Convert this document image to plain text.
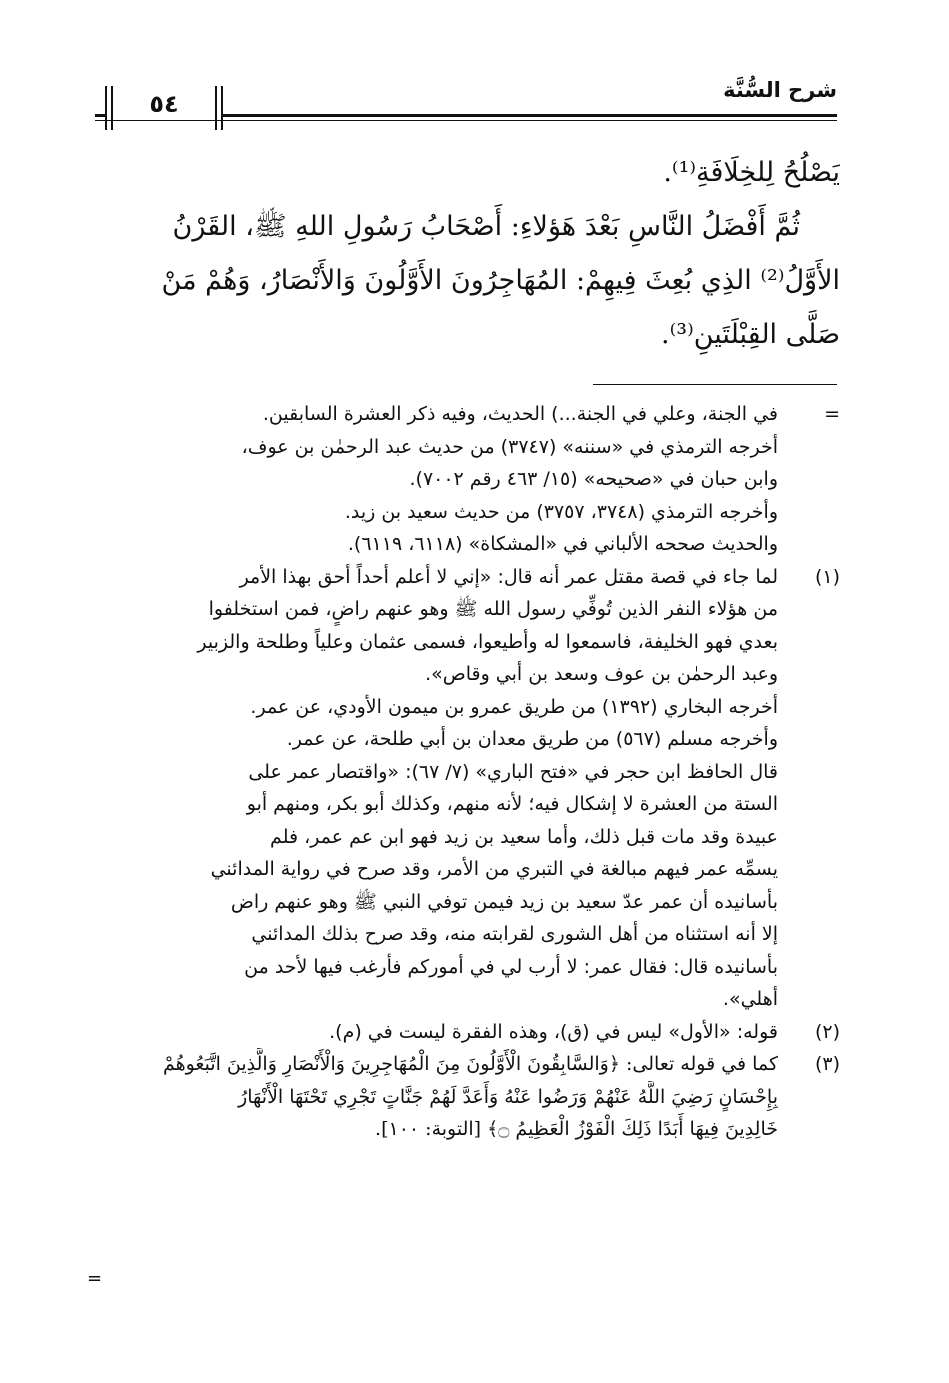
شرح السُّنَّة
٥٤

يَصْلُحُ لِلخِلَافَةِ⁽¹⁾.

ثُمَّ أَفْضَلُ النَّاسِ بَعْدَ هَؤلاءِ: أَصْحَابُ رَسُولِ اللهِ ﷺ، القَرْنُ

الأَوَّلُ⁽²⁾ الذِي بُعِثَ فِيهِمْ: المُهَاجِرُونَ الأَوَّلُونَ وَالأَنْصَارُ، وَهُمْ مَنْ

صَلَّى القِبْلَتَينِ⁽³⁾.

=

في الجنة، وعلي في الجنة...) الحديث، وفيه ذكر العشرة السابقين.

أخرجه الترمذي في «سننه» (٣٧٤٧) من حديث عبد الرحمٰن بن عوف،

وابن حبان في «صحيحه» (١٥/ ٤٦٣ رقم ٧٠٠٢).

وأخرجه الترمذي (٣٧٤٨، ٣٧٥٧) من حديث سعيد بن زيد.

والحديث صححه الألباني في «المشكاة» (٦١١٨، ٦١١٩).

(١)

لما جاء في قصة مقتل عمر أنه قال: «إني لا أعلم أحداً أحق بهذا الأمر

من هؤلاء النفر الذين تُوفِّي رسول الله ﷺ وهو عنهم راضٍ، فمن استخلفوا

بعدي فهو الخليفة، فاسمعوا له وأطيعوا، فسمى عثمان وعلياً وطلحة والزبير

وعبد الرحمٰن بن عوف وسعد بن أبي وقاص».

أخرجه البخاري (١٣٩٢) من طريق عمرو بن ميمون الأودي، عن عمر.

وأخرجه مسلم (٥٦٧) من طريق معدان بن أبي طلحة، عن عمر.

قال الحافظ ابن حجر في «فتح الباري» (٧/ ٦٧): «واقتصار عمر على

الستة من العشرة لا إشكال فيه؛ لأنه منهم، وكذلك أبو بكر، ومنهم أبو

عبيدة وقد مات قبل ذلك، وأما سعيد بن زيد فهو ابن عم عمر، فلم

يسمِّه عمر فيهم مبالغة في التبري من الأمر، وقد صرح في رواية المدائني

بأسانيده أن عمر عدّ سعيد بن زيد فيمن توفي النبي ﷺ وهو عنهم راض

إلا أنه استثناه من أهل الشورى لقرابته منه، وقد صرح بذلك المدائني

بأسانيده قال: فقال عمر: لا أرب لي في أموركم فأرغب فيها لأحد من

أهلي».

(٢)

قوله: «الأول» ليس في (ق)، وهذه الفقرة ليست في (م).

(٣)

كما في قوله تعالى: ﴿وَالسَّابِقُونَ الْأَوَّلُونَ مِنَ الْمُهَاجِرِينَ وَالْأَنْصَارِ وَالَّذِينَ اتَّبَعُوهُمْ

بِإِحْسَانٍ رَضِيَ اللَّهُ عَنْهُمْ وَرَضُوا عَنْهُ وَأَعَدَّ لَهُمْ جَنَّاتٍ تَجْرِي تَحْتَهَا الْأَنْهَارُ

خَالِدِينَ فِيهَا أَبَدًا ذَلِكَ الْفَوْزُ الْعَظِيمُ ۝﴾ [التوبة: ١٠٠].

=
